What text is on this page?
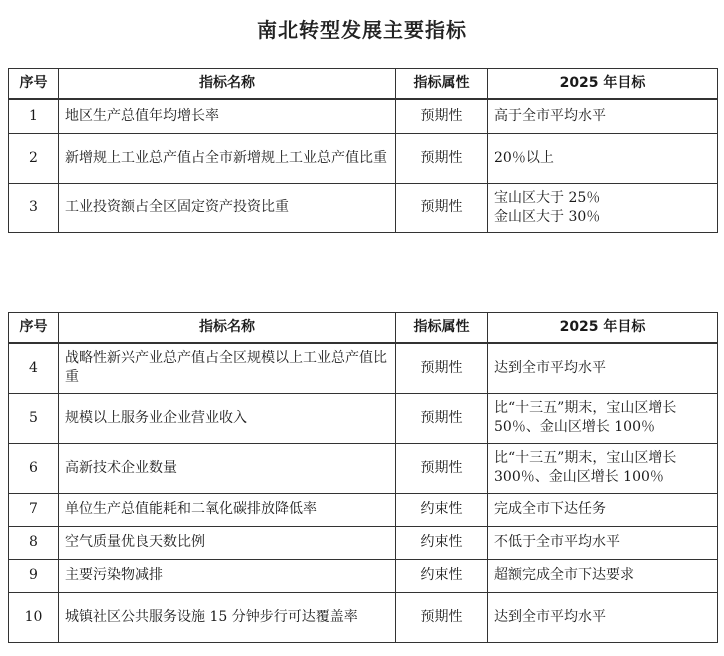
南北转型发展主要指标
序号	指标名称	指标属性	2025 年目标
1	地区生产总值年均增长率	预期性	高于全市平均水平
2	新增规上工业总产值占全市新增规上工业总产值比重	预期性	20％以上
3	工业投资额占全区固定资产投资比重	预期性	宝山区大于 25％
金山区大于 30％
序号	指标名称	指标属性	2025 年目标
4	战略性新兴产业总产值占全区规模以上工业总产值比重	预期性	达到全市平均水平
5	规模以上服务业企业营业收入	预期性	比“十三五”期末，宝山区增长 50％、金山区增长 100％
6	高新技术企业数量	预期性	比“十三五”期末，宝山区增长 300％、金山区增长 100％
7	单位生产总值能耗和二氧化碳排放降低率	约束性	完成全市下达任务
8	空气质量优良天数比例	约束性	不低于全市平均水平
9	主要污染物减排	约束性	超额完成全市下达要求
10	城镇社区公共服务设施 15 分钟步行可达覆盖率	预期性	达到全市平均水平
